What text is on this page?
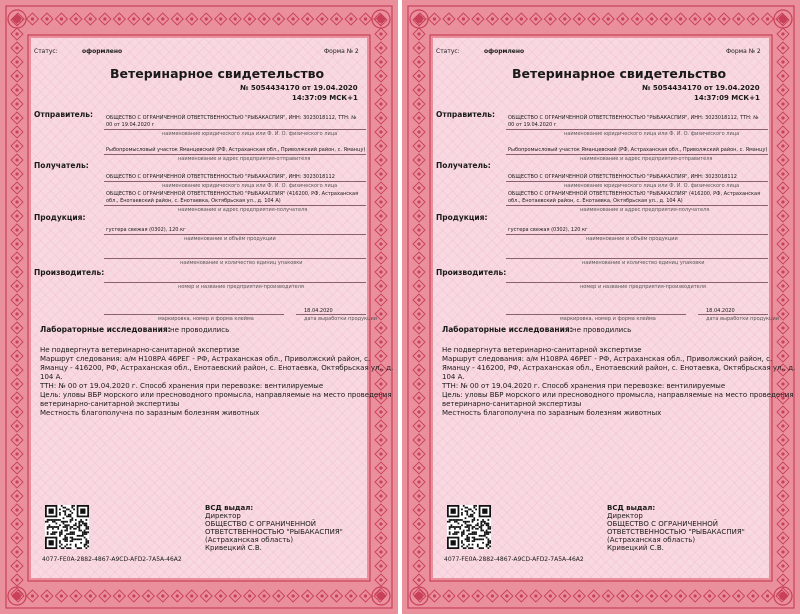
Статус:	оформлено	Форма № 2
Ветеринарное свидетельство
№ 5054434170 от 19.04.2020
14:37:09 МСК+1
Отправитель:	ОБЩЕСТВО С ОГРАНИЧЕННОЙ ОТВЕТСТВЕННОСТЬЮ "РЫБАКАСПИЯ", ИНН: 3023018112, ТТН: №
00 от 19.04.2020 г
наименование юридического лица или Ф. И. О. физического лица
Рыбопромысловый участок Яманцевский (РФ, Астраханская обл., Приволжский район, с. Яманцу)
наименование и адрес предприятия-отправителя
Получатель:
ОБЩЕСТВО С ОГРАНИЧЕННОЙ ОТВЕТСТВЕННОСТЬЮ "РЫБАКАСПИЯ", ИНН: 3023018112
наименование юридического лица или Ф. И. О. физического лица
ОБЩЕСТВО С ОГРАНИЧЕННОЙ ОТВЕТСТВЕННОСТЬЮ "РЫБАКАСПИЯ" (416200, РФ, Астраханская
обл., Енотаевский район, с. Енотаевка, Октябрьская ул., д. 104 А)
наименование и адрес предприятия-получателя
Продукция:
густера свежая (0302), 120 кг
наименование и объём продукции
наименование и количество единиц упаковки
Производитель:
номер и название предприятия-производителя
18.04.2020
маркировка, номер и форма клейма	дата выработки продукции
Лабораторные исследования: не проводились
Не подвергнута ветеринарно-санитарной экспертизе
Маршрут следования: а/м Н108РА 46РЕГ - РФ, Астраханская обл., Приволжский район, с.
Яманцу - 416200, РФ, Астраханская обл., Енотаевский район, с. Енотаевка, Октябрьская ул., д.
104 А.
ТТН: № 00 от 19.04.2020 г. Способ хранения при перевозке: вентилируемые
Цель: уловы ВБР морского или пресноводного промысла, направляемые на место проведения
ветеринарно-санитарной экспертизы
Местность благополучна по заразным болезням животных
ВСД выдал:
Директор
ОБЩЕСТВО С ОГРАНИЧЕННОЙ
ОТВЕТСТВЕННОСТЬЮ "РЫБАКАСПИЯ"
(Астраханская область)
Кривецкий С.В.
4077-FE0A-2882-4867-A9CD-AFD2-7A5A-46A2
Статус:	оформлено	Форма № 2
Ветеринарное свидетельство
№ 5054434170 от 19.04.2020
14:37:09 МСК+1
Отправитель:	ОБЩЕСТВО С ОГРАНИЧЕННОЙ ОТВЕТСТВЕННОСТЬЮ "РЫБАКАСПИЯ", ИНН: 3023018112, ТТН: №
00 от 19.04.2020 г
наименование юридического лица или Ф. И. О. физического лица
Рыбопромысловый участок Яманцевский (РФ, Астраханская обл., Приволжский район, с. Яманцу)
наименование и адрес предприятия-отправителя
Получатель:
ОБЩЕСТВО С ОГРАНИЧЕННОЙ ОТВЕТСТВЕННОСТЬЮ "РЫБАКАСПИЯ", ИНН: 3023018112
наименование юридического лица или Ф. И. О. физического лица
ОБЩЕСТВО С ОГРАНИЧЕННОЙ ОТВЕТСТВЕННОСТЬЮ "РЫБАКАСПИЯ" (416200, РФ, Астраханская
обл., Енотаевский район, с. Енотаевка, Октябрьская ул., д. 104 А)
наименование и адрес предприятия-получателя
Продукция:
густера свежая (0302), 120 кг
наименование и объём продукции
наименование и количество единиц упаковки
Производитель:
номер и название предприятия-производителя
18.04.2020
маркировка, номер и форма клейма	дата выработки продукции
Лабораторные исследования: не проводились
Не подвергнута ветеринарно-санитарной экспертизе
Маршрут следования: а/м Н108РА 46РЕГ - РФ, Астраханская обл., Приволжский район, с.
Яманцу - 416200, РФ, Астраханская обл., Енотаевский район, с. Енотаевка, Октябрьская ул., д.
104 А.
ТТН: № 00 от 19.04.2020 г. Способ хранения при перевозке: вентилируемые
Цель: уловы ВБР морского или пресноводного промысла, направляемые на место проведения
ветеринарно-санитарной экспертизы
Местность благополучна по заразным болезням животных
ВСД выдал:
Директор
ОБЩЕСТВО С ОГРАНИЧЕННОЙ
ОТВЕТСТВЕННОСТЬЮ "РЫБАКАСПИЯ"
(Астраханская область)
Кривецкий С.В.
4077-FE0A-2882-4867-A9CD-AFD2-7A5A-46A2
